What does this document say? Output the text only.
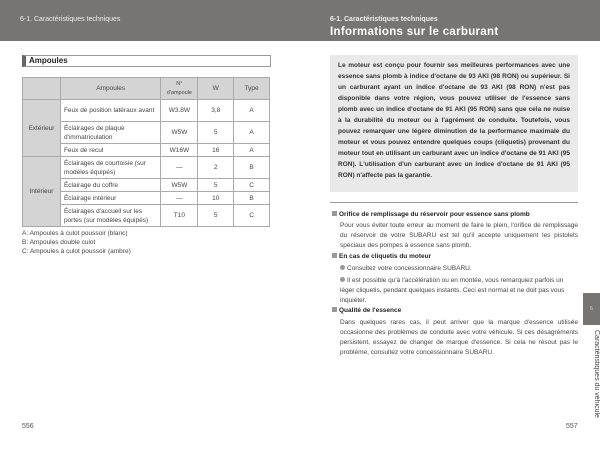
6-1. Caractéristiques techniques	6-1. Caractéristiques techniques
Informations sur le carburant
Ampoules
	Ampoules	N° d'ampoule	W	Type
Extérieur	Feux de position latéraux avant	W3.8W	3,8	A
	Éclairages de plaque d'immatriculation	W5W	5	A
	Feux de recul	W16W	16	A
Intérieur	Éclairages de courtoisie (sur modèles équipés)	—	2	B
	Éclairage du coffre	W5W	5	C
	Éclairage intérieur	—	10	B
	Éclairages d'accueil sur les portes (sur modèles équipés)	T10	5	C
A: Ampoules à culot poussoir (blanc)
B: Ampoules double culot
C: Ampoules à culot poussoir (ambre)
556
Le moteur est conçu pour fournir ses meilleures performances avec une essence sans plomb à indice d'octane de 93 AKI (98 RON) ou supérieur. Si un carburant ayant un indice d'octane de 93 AKI (98 RON) n'est pas disponible dans votre région, vous pouvez utiliser de l'essence sans plomb avec un indice d'octane de 91 AKI (95 RON) sans que cela ne nuise à la durabilité du moteur ou à l'agrément de conduite. Toutefois, vous pouvez remarquer une légère diminution de la performance maximale du moteur et vous pouvez entendre quelques coups (cliquetis) provenant du moteur tout en utilisant un carburant avec un indice d'octane de 91 AKI (95 RON). L'utilisation d'un carburant avec un indice d'octane de 91 AKI (95 RON) n'affecte pas la garantie.
Orifice de remplissage du réservoir pour essence sans plomb
Pour vous éviter toute erreur au moment de faire le plein, l'orifice de remplissage du réservoir de votre SUBARU est tel qu'il accepte uniquement les pistolets spéciaux des pompes à essence sans plomb.
En cas de cliquetis du moteur
Consultez votre concessionnaire SUBARU.
Il est possible qu'à l'accélération ou en montée, vous remarquiez parfois un léger cliquetis, pendant quelques instants. Ceci est normal et ne doit pas vous inquiéter.
Qualité de l'essence
Dans quelques rares cas, il peut arriver que la marque d'essence utilisée occasionne des problèmes de conduite avec votre véhicule. Si ces désagréments persistent, essayez de changer de marque d'essence. Si cela ne résout pas le problème, consultez votre concessionnaire SUBARU.
6
Caractéristiques du véhicule
557
